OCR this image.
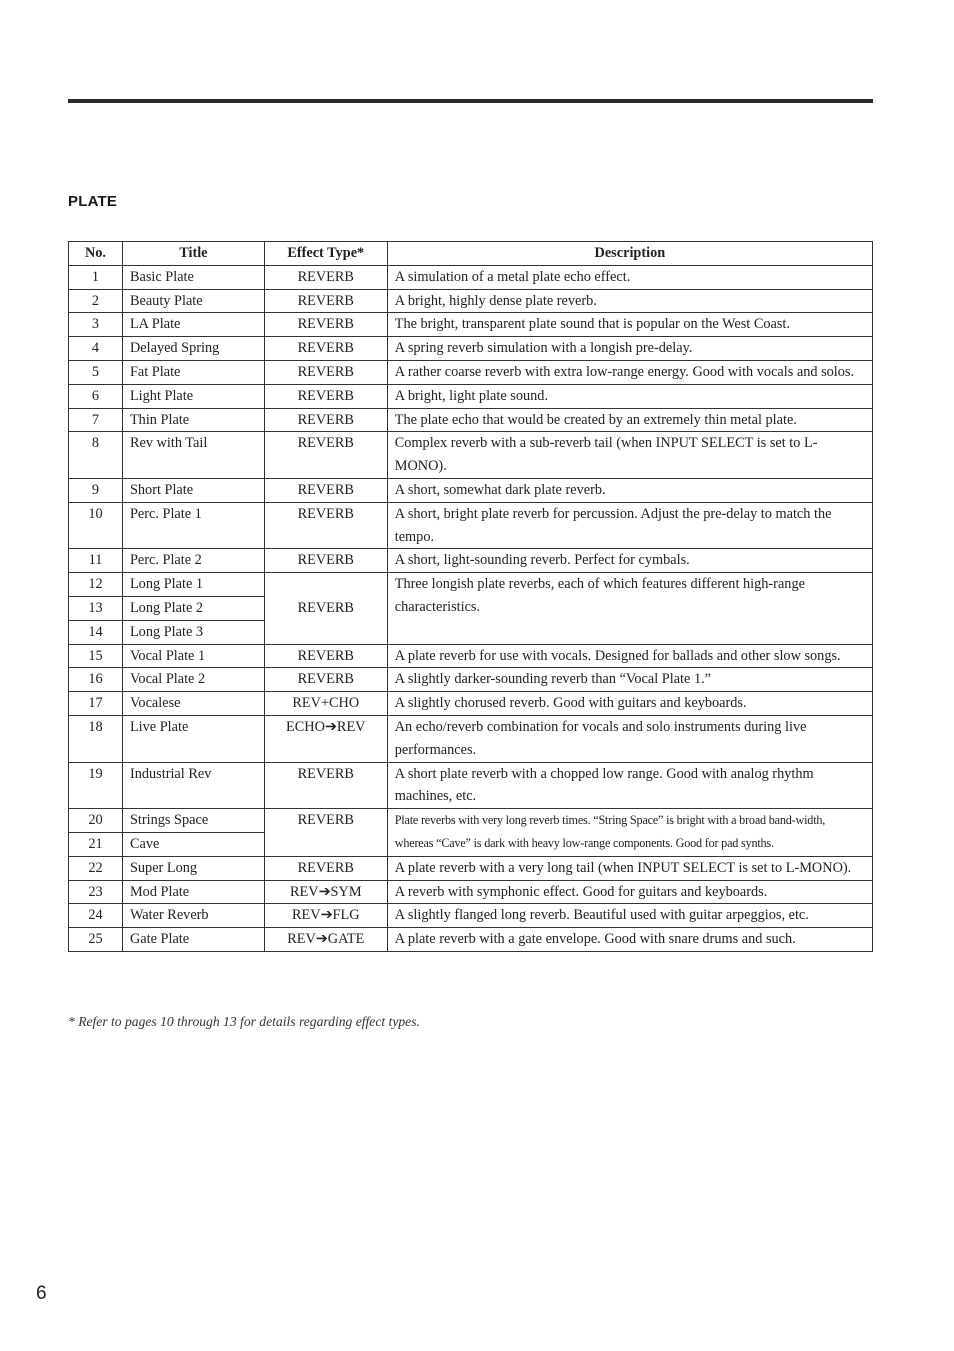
PLATE
No.	Title	Effect Type*	Description
1	Basic Plate	REVERB	A simulation of a metal plate echo effect.
2	Beauty Plate	REVERB	A bright, highly dense plate reverb.
3	LA Plate	REVERB	The bright, transparent plate sound that is popular on the West Coast.
4	Delayed Spring	REVERB	A spring reverb simulation with a longish pre-delay.
5	Fat Plate	REVERB	A rather coarse reverb with extra low-range energy. Good with vocals and solos.
6	Light Plate	REVERB	A bright, light plate sound.
7	Thin Plate	REVERB	The plate echo that would be created by an extremely thin metal plate.
8	Rev with Tail	REVERB	Complex reverb with a sub-reverb tail (when INPUT SELECT is set to L-MONO).
9	Short Plate	REVERB	A short, somewhat dark plate reverb.
10	Perc. Plate 1	REVERB	A short, bright plate reverb for percussion. Adjust the pre-delay to match the tempo.
11	Perc. Plate 2	REVERB	A short, light-sounding reverb. Perfect for cymbals.
12	Long Plate 1	REVERB	Three longish plate reverbs, each of which features different high-range characteristics.
13	Long Plate 2		
14	Long Plate 3		
15	Vocal Plate 1	REVERB	A plate reverb for use with vocals. Designed for ballads and other slow songs.
16	Vocal Plate 2	REVERB	A slightly darker-sounding reverb than “Vocal Plate 1.”
17	Vocalese	REV+CHO	A slightly chorused reverb. Good with guitars and keyboards.
18	Live Plate	ECHO➔REV	An echo/reverb combination for vocals and solo instruments during live performances.
19	Industrial Rev	REVERB	A short plate reverb with a chopped low range. Good with analog rhythm machines, etc.
20	Strings Space	REVERB	Plate reverbs with very long reverb times. “String Space” is bright with a broad band-width, whereas “Cave” is dark with heavy low-range components. Good for pad synths.
21	Cave		
22	Super Long	REVERB	A plate reverb with a very long tail (when INPUT SELECT is set to L-MONO).
23	Mod Plate	REV➔SYM	A reverb with symphonic effect. Good for guitars and keyboards.
24	Water Reverb	REV➔FLG	A slightly flanged long reverb. Beautiful used with guitar arpeggios, etc.
25	Gate Plate	REV➔GATE	A plate reverb with a gate envelope. Good with snare drums and such.
* Refer to pages 10 through 13 for details regarding effect types.
6
